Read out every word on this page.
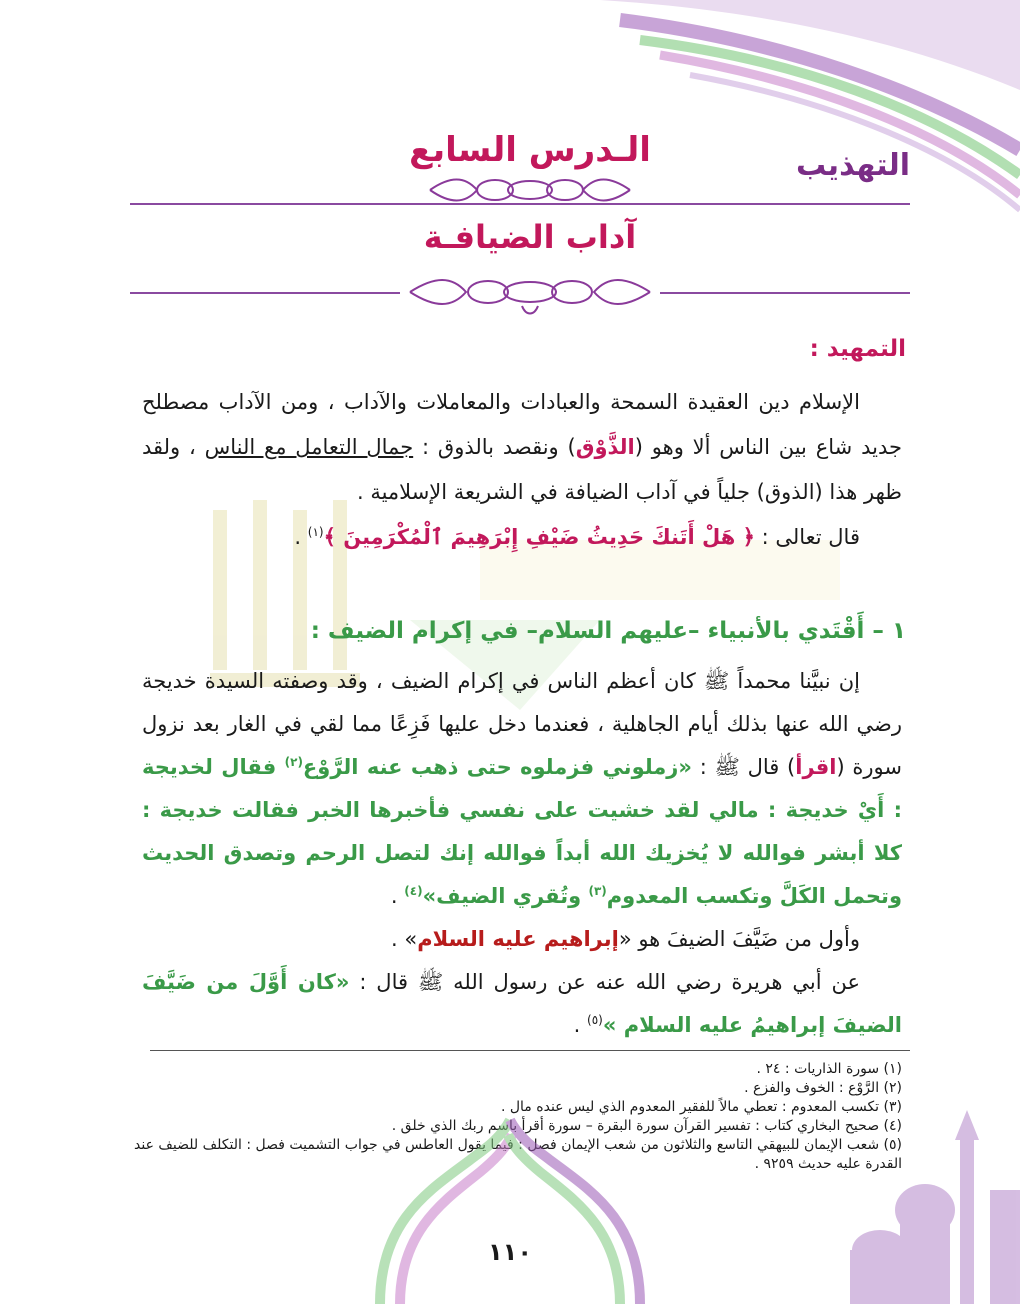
التهذيب
الـدرس السابع
آداب الضيافـة
التمهيد :
الإسلام دين العقيدة السمحة والعبادات والمعاملات والآداب ، ومن الآداب مصطلح جديد شاع بين الناس ألا وهو (الذَّوْق) ونقصد بالذوق : جمال التعامل مع الناس ، ولقد ظهر هذا (الذوق) جلياً في آداب الضيافة في الشريعة الإسلامية .
قال تعالى : ﴿ هَلْ أَتَنكَ حَدِيثُ ضَيْفِ إِبْرَهِيمَ ٱلْمُكْرَمِينَ ﴾$^{(١)}$ .
١ – أَقْتَدي بالأنبياء –عليهم السلام– في إكرام الضيف :
إن نبيَّنا محمداً ﷺ كان أعظم الناس في إكرام الضيف ، وقد وصفته السيدة خديجة رضي الله عنها بذلك أيام الجاهلية ، فعندما دخل عليها فَزِعًا مما لقي في الغار بعد نزول سورة (اقرأ) قال ﷺ : «زملوني فزملوه حتى ذهب عنه الرَّوْع$^{(٢)}$ فقال لخديجة : أَيْ خديجة : مالي لقد خشيت على نفسي فأخبرها الخبر فقالت خديجة : كلا أبشر فوالله لا يُخزيك الله أبداً فوالله إنك لتصل الرحم وتصدق الحديث وتحمل الكَلَّ وتكسب المعدوم$^{(٣)}$ وتُقري الضيف»$^{(٤)}$ .
وأول من ضَيَّفَ الضيفَ هو «إبراهيم عليه السلام» .
عن أبي هريرة رضي الله عنه عن رسول الله ﷺ قال : «كان أَوَّلَ من ضَيَّفَ الضيفَ إبراهيمُ عليه السلام »$^{(٥)}$ .
(١) سورة الذاريات : ٢٤ .
(٢) الرَّوْع : الخوف والفزع .
(٣) تكسب المعدوم : تعطي مالاً للفقير المعدوم الذي ليس عنده مال .
(٤) صحيح البخاري كتاب : تفسير القرآن سورة البقرة – سورة أقرأ باسم ربك الذي خلق .
(٥) شعب الإيمان للبيهقي التاسع والثلاثون من شعب الإيمان فصل : فيما يقول العاطس في جواب التشميت فصل : التكلف للضيف عند القدرة عليه حديث ٩٢٥٩ .
١١٠
